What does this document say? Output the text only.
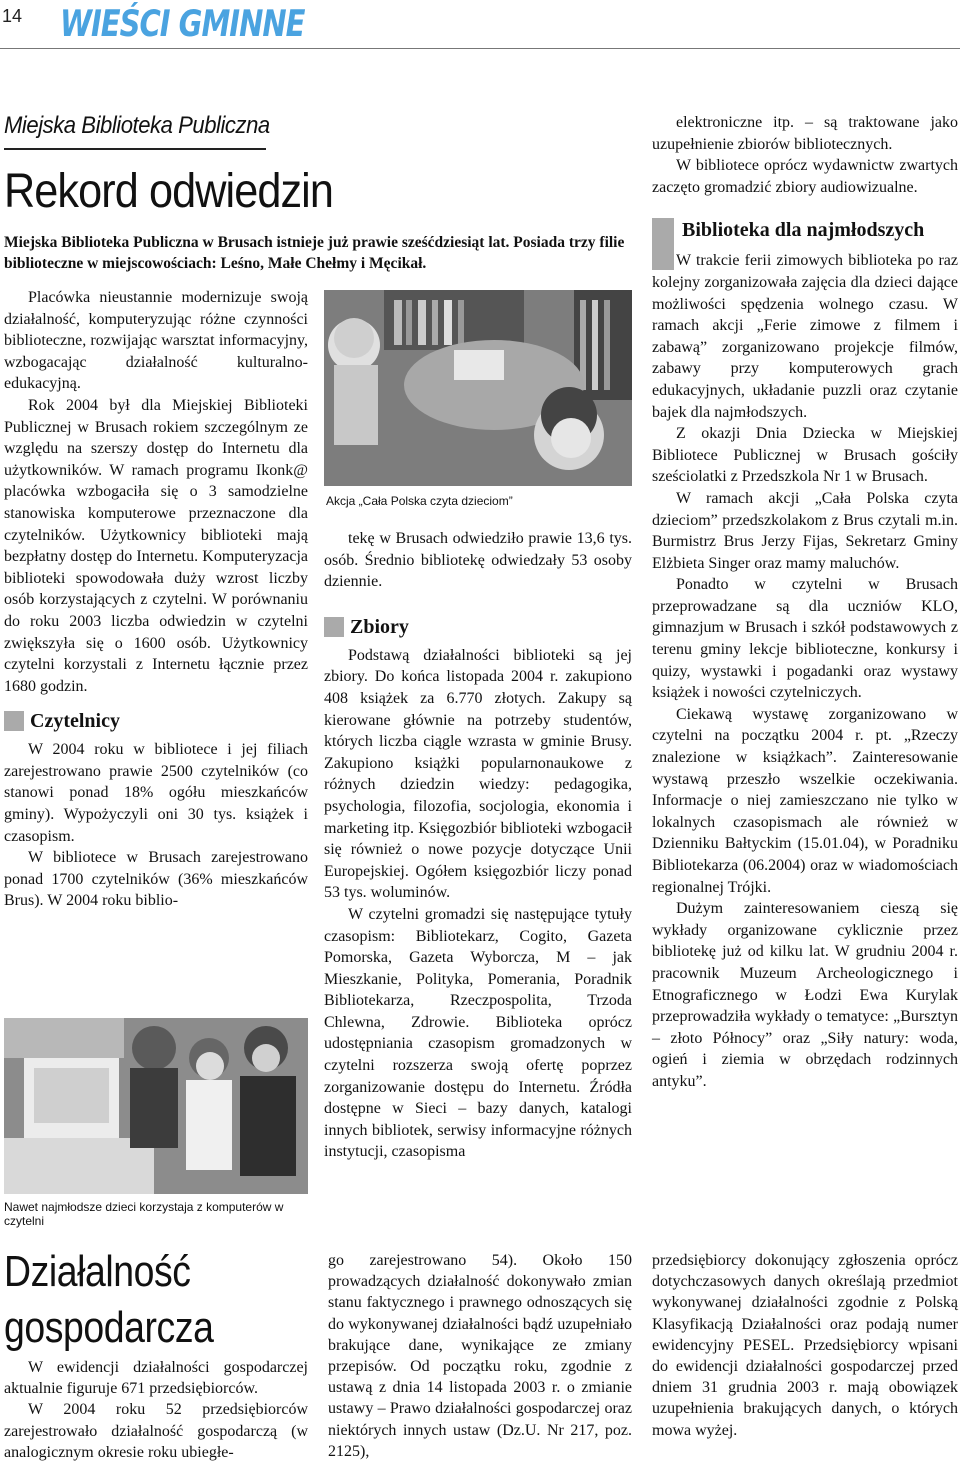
14 WIEŚCI GMINNE
Miejska Biblioteka Publiczna
Rekord odwiedzin
Miejska Biblioteka Publiczna w Brusach istnieje już prawie sześćdziesiąt lat. Posiada trzy filie biblioteczne w miejscowościach: Leśno, Małe Chełmy i Męcikał.

Placówka nieustannie modernizuje swoją działalność, komputeryzując różne czynności biblioteczne, rozwijając warsztat informacyjny, wzbogacając działalność kulturalno-edukacyjną.

Rok 2004 był dla Miejskiej Biblioteki Publicznej w Brusach rokiem szczególnym ze względu na szerszy dostęp do Internetu dla użytkowników. W ramach programu Ikonk@ placówka wzbogaciła się o 3 samodzielne stanowiska komputerowe przeznaczone dla czytelników. Użytkownicy biblioteki mają bezpłatny dostęp do Internetu. Komputeryzacja biblioteki spowodowała duży wzrost liczby osób korzystających z czytelni. W porównaniu do roku 2003 liczba odwiedzin w czytelni zwiększyła się o 1600 osób. Użytkownicy czytelni korzystali z Internetu łącznie przez 1680 godzin.

Czytelnicy

W 2004 roku w bibliotece i jej filiach zarejestrowano prawie 2500 czytelników (co stanowi ponad 18% ogółu mieszkańców gminy). Wypożyczyli oni 30 tys. książek i czasopism.

W bibliotece w Brusach zarejestrowano ponad 1700 czytelników (36% mieszkańców Brus). W 2004 roku biblio-

Akcja „Cała Polska czyta dzieciom”

tekę w Brusach odwiedziło prawie 13,6 tys. osób. Średnio bibliotekę odwiedzały 53 osoby dziennie.

Zbiory

Podstawą działalności biblioteki są jej zbiory. Do końca listopada 2004 r. zakupiono 408 książek za 6.770 złotych. Zakupy są kierowane głównie na potrzeby studentów, których liczba ciągle wzrasta w gminie Brusy. Zakupiono książki popularnonaukowe z różnych dziedzin wiedzy: pedagogika, psychologia, filozofia, socjologia, ekonomia i marketing itp. Księgozbiór biblioteki wzbogacił się również o nowe pozycje dotyczące Unii Europejskiej. Ogółem księgozbiór liczy ponad 53 tys. woluminów.

W czytelni gromadzi się następujące tytuły czasopism: Bibliotekarz, Cogito, Gazeta Pomorska, Gazeta Wyborcza, M – jak Mieszkanie, Polityka, Pomerania, Poradnik Bibliotekarza, Rzeczpospolita, Trzoda Chlewna, Zdrowie. Biblioteka oprócz udostępniania czasopism gromadzonych w czytelni rozszerza swoją ofertę poprzez zorganizowanie dostępu do Internetu. Źródła dostępne w Sieci – bazy danych, katalogi innych bibliotek, serwisy informacyjne różnych instytucji, czasopisma

Nawet najmłodsze dzieci korzystaja z komputerów w czytelni

elektroniczne itp. – są traktowane jako uzupełnienie zbiorów bibliotecznych.

W bibliotece oprócz wydawnictw zwartych zaczęto gromadzić zbiory audiowizualne.

Biblioteka dla najmłodszych

W trakcie ferii zimowych biblioteka po raz kolejny zorganizowała zajęcia dla dzieci dające możliwości spędzenia wolnego czasu. W ramach akcji „Ferie zimowe z filmem i zabawą” zorganizowano projekcje filmów, zabawy przy komputerowych grach edukacyjnych, układanie puzzli oraz czytanie bajek dla najmłodszych.

Z okazji Dnia Dziecka w Miejskiej Bibliotece Publicznej w Brusach gościły sześciolatki z Przedszkola Nr 1 w Brusach.

W ramach akcji „Cała Polska czyta dzieciom” przedszkolakom z Brus czytali m.in. Burmistrz Brus Jerzy Fijas, Sekretarz Gminy Elżbieta Singer oraz mamy maluchów.

Ponadto w czytelni w Brusach przeprowadzane są dla uczniów KLO, gimnazjum w Brusach i szkół podstawowych z terenu gminy lekcje biblioteczne, konkursy i quizy, wystawki i pogadanki oraz wystawy książek i nowości czytelniczych.

Ciekawą wystawę zorganizowano w czytelni na początku 2004 r. pt. „Rzeczy znalezione w książkach”. Zainteresowanie wystawą przeszło wszelkie oczekiwania. Informacje o niej zamieszczano nie tylko w lokalnych czasopismach ale również w Dzienniku Bałtyckim (15.01.04), w Poradniku Bibliotekarza (06.2004) oraz w wiadomościach regionalnej Trójki.

Dużym zainteresowaniem cieszą się wykłady organizowane cyklicznie przez bibliotekę już od kilku lat. W grudniu 2004 r. pracownik Muzeum Archeologicznego i Etnograficznego w Łodzi Ewa Kurylak przeprowadziła wykłady o tematyce: „Bursztyn – złoto Północy” oraz „Siły natury: woda, ogień i ziemia w obrzędach rodzinnych antyku”.

Działalność
gospodarcza

W ewidencji działalności gospodarczej aktualnie figuruje 671 przedsiębiorców.

W 2004 roku 52 przedsiębiorców zarejestrowało działalność gospodarczą (w analogicznym okresie roku ubiegłe-

go zarejestrowano 54). Około 150 prowadzących działalność dokonywało zmian stanu faktycznego i prawnego odnoszących się do wykonywanej działalności bądź uzupełniało brakujące dane, wynikające ze zmiany przepisów. Od początku roku, zgodnie z ustawą z dnia 14 listopada 2003 r. o zmianie ustawy – Prawo działalności gospodarczej oraz niektórych innych ustaw (Dz.U. Nr 217, poz. 2125),

przedsiębiorcy dokonujący zgłoszenia oprócz dotychczasowych danych określają przedmiot wykonywanej działalności zgodnie z Polską Klasyfikacją Działalności oraz podają numer ewidencyjny PESEL. Przedsiębiorcy wpisani do ewidencji działalności gospodarczej przed dniem 31 grudnia 2003 r. mają obowiązek uzupełnienia brakujących danych, o których mowa wyżej.
